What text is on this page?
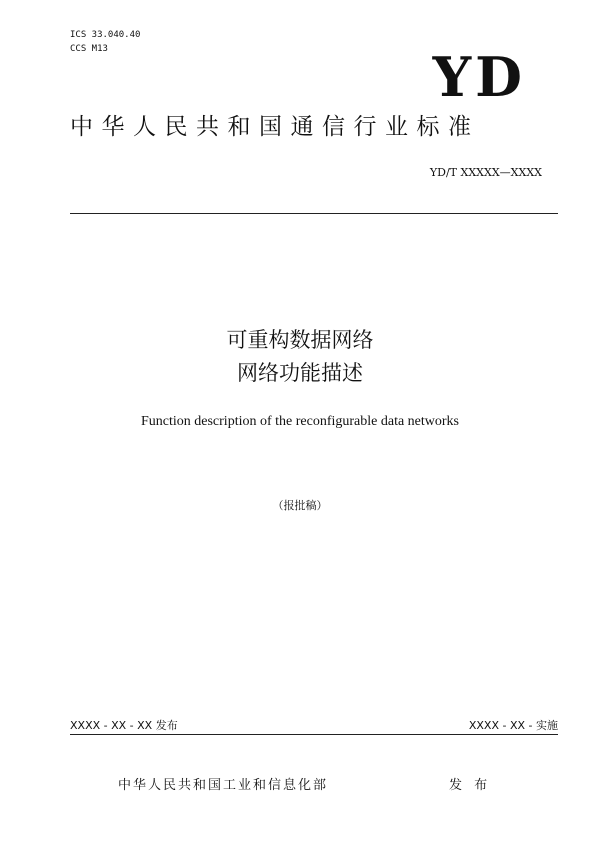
ICS 33.040.40
CCS M13	YD
中华人民共和国通信行业标准
YD/T XXXXX—XXXX
可重构数据网络
网络功能描述
Function description of the reconfigurable data networks
（报批稿）
XXXX - XX - XX 发布	XXXX - XX - 实施
中华人民共和国工业和信息化部	发 布
